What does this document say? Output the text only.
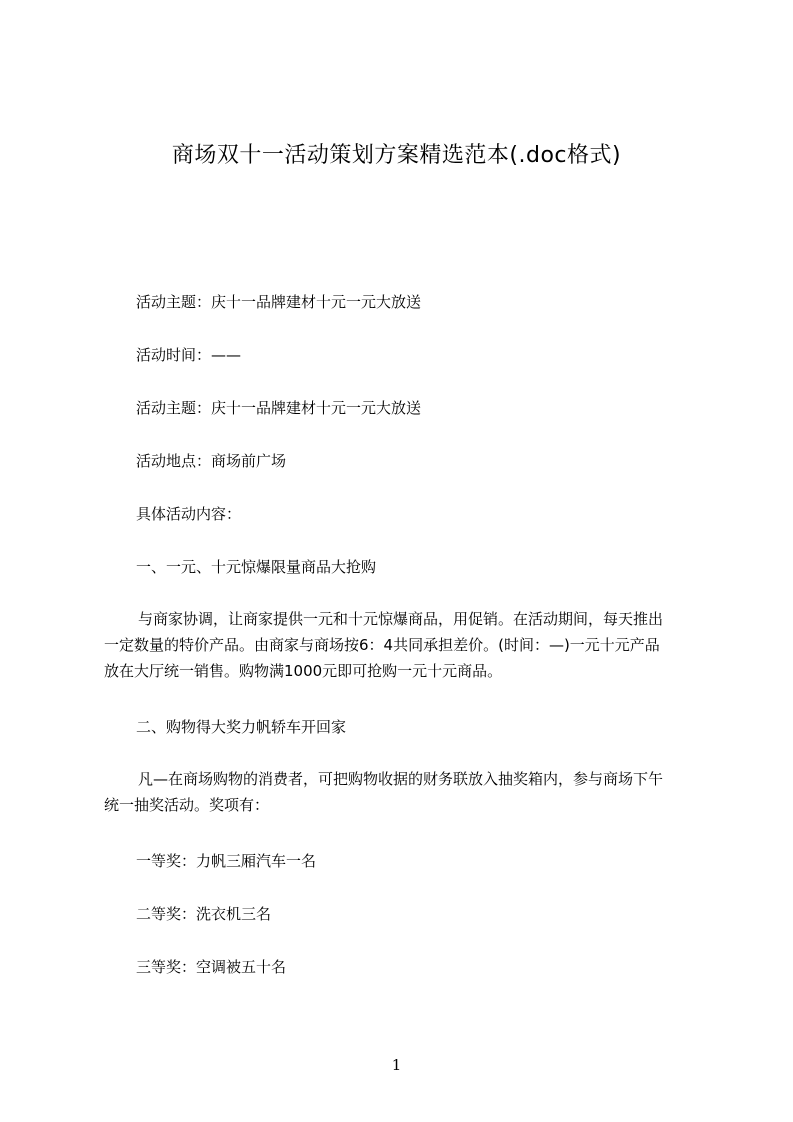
商场双十一活动策划方案精选范本(.doc格式)
活动主题：庆十一品牌建材十元一元大放送
活动时间：——
活动主题：庆十一品牌建材十元一元大放送
活动地点：商场前广场
具体活动内容：
一、一元、十元惊爆限量商品大抢购
与商家协调，让商家提供一元和十元惊爆商品，用促销。在活动期间，每天推出
一定数量的特价产品。由商家与商场按6：4共同承担差价。(时间：—)一元十元产品
放在大厅统一销售。购物满1000元即可抢购一元十元商品。
二、购物得大奖力帆轿车开回家
凡—在商场购物的消费者，可把购物收据的财务联放入抽奖箱内，参与商场下午
统一抽奖活动。奖项有：
一等奖：力帆三厢汽车一名
二等奖：洗衣机三名
三等奖：空调被五十名
1
